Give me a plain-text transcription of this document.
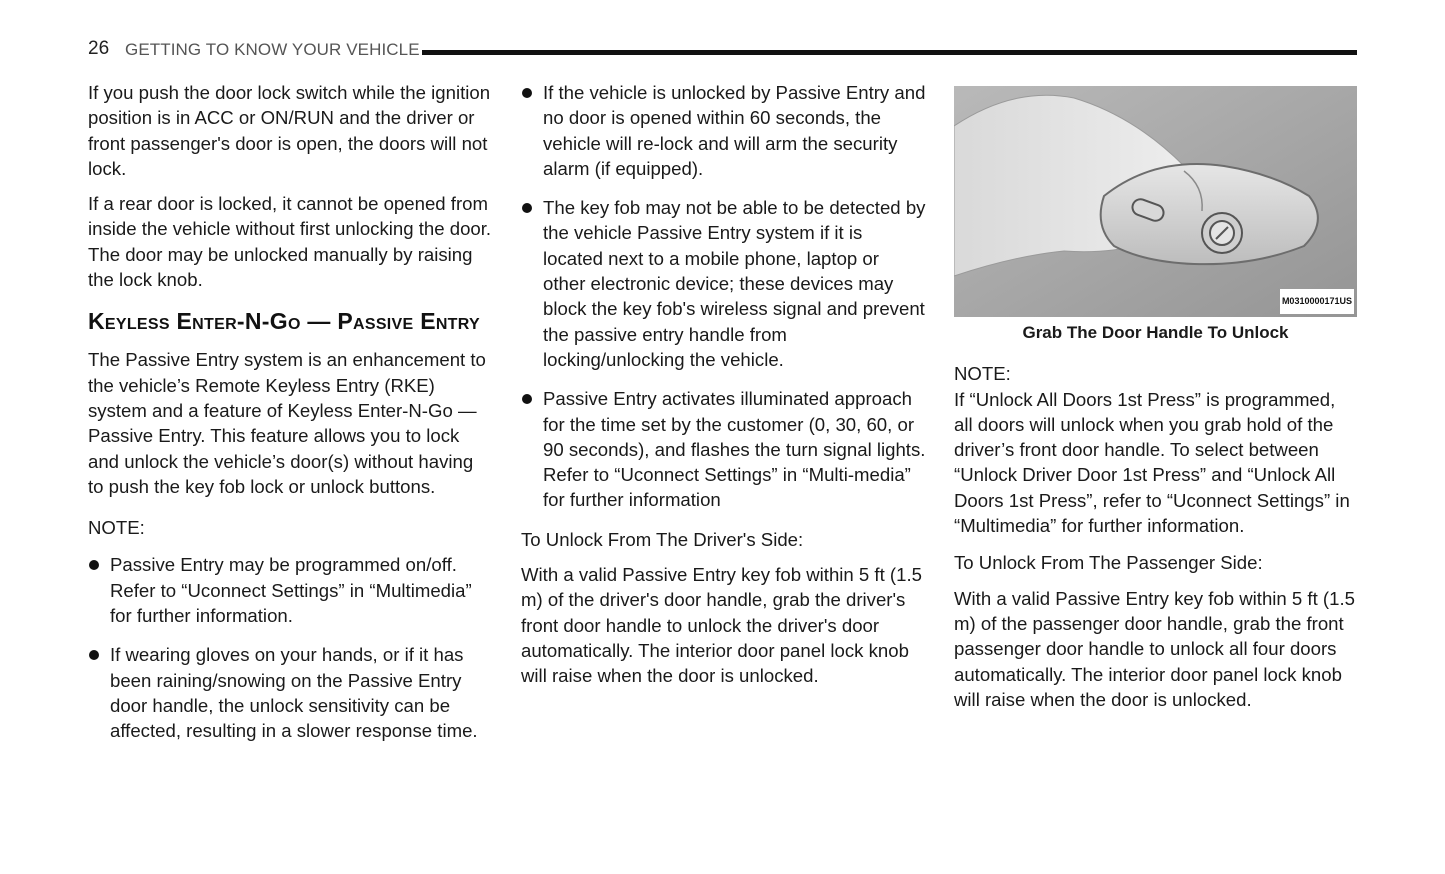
26 GETTING TO KNOW YOUR VEHICLE

If you push the door lock switch while the ignition position is in ACC or ON/RUN and the driver or front passenger's door is open, the doors will not lock.

If a rear door is locked, it cannot be opened from inside the vehicle without first unlocking the door. The door may be unlocked manually by raising the lock knob.

Keyless Enter-N-Go — Passive Entry

The Passive Entry system is an enhancement to the vehicle’s Remote Keyless Entry (RKE) system and a feature of Keyless Enter-N-Go — Passive Entry. This feature allows you to lock and unlock the vehicle’s door(s) without having to push the key fob lock or unlock buttons.

NOTE:
Passive Entry may be programmed on/off. Refer to “Uconnect Settings” in “Multimedia” for further information.
If wearing gloves on your hands, or if it has been raining/snowing on the Passive Entry door handle, the unlock sensitivity can be affected, resulting in a slower response time.
If the vehicle is unlocked by Passive Entry and no door is opened within 60 seconds, the vehicle will re-lock and will arm the security alarm (if equipped).
The key fob may not be able to be detected by the vehicle Passive Entry system if it is located next to a mobile phone, laptop or other electronic device; these devices may block the key fob's wireless signal and prevent the passive entry handle from locking/unlocking the vehicle.
Passive Entry activates illuminated approach for the time set by the customer (0, 30, 60, or 90 seconds), and flashes the turn signal lights. Refer to “Uconnect Settings” in “Multi-media” for further information
To Unlock From The Driver's Side:

With a valid Passive Entry key fob within 5 ft (1.5 m) of the driver's door handle, grab the driver's front door handle to unlock the driver's door automatically. The interior door panel lock knob will raise when the door is unlocked.

M0310000171US
Grab The Door Handle To Unlock
NOTE:

If “Unlock All Doors 1st Press” is programmed, all doors will unlock when you grab hold of the driver’s front door handle. To select between “Unlock Driver Door 1st Press” and “Unlock All Doors 1st Press”, refer to “Uconnect Settings” in “Multimedia” for further information.

To Unlock From The Passenger Side:

With a valid Passive Entry key fob within 5 ft (1.5 m) of the passenger door handle, grab the front passenger door handle to unlock all four doors automatically. The interior door panel lock knob will raise when the door is unlocked.
